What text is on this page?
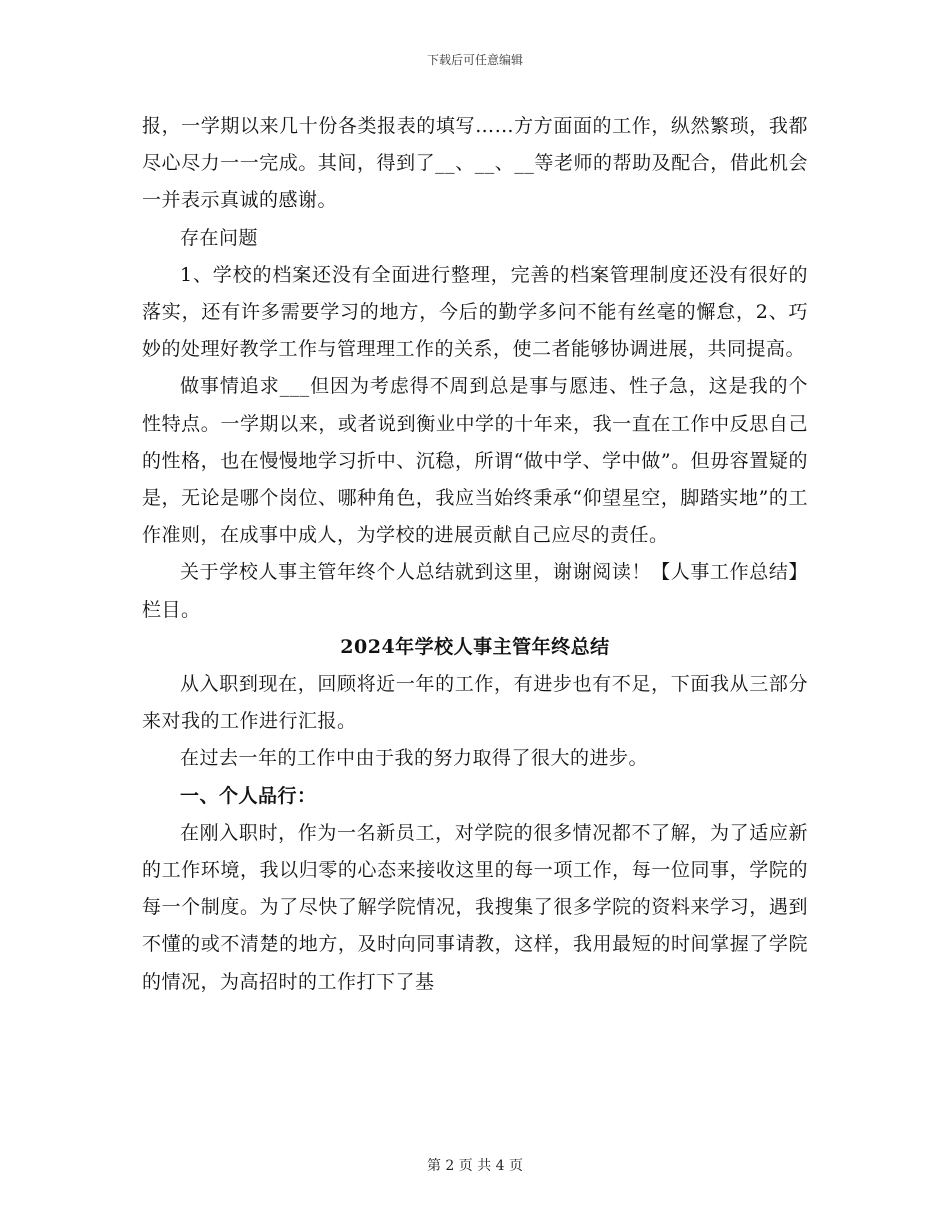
下载后可任意编辑

报，一学期以来几十份各类报表的填写……方方面面的工作，纵然繁琐，我都尽心尽力一一完成。其间，得到了__、__、__等老师的帮助及配合，借此机会一并表示真诚的感谢。

存在问题

1、学校的档案还没有全面进行整理，完善的档案管理制度还没有很好的落实，还有许多需要学习的地方，今后的勤学多问不能有丝毫的懈怠，2、巧妙的处理好教学工作与管理理工作的关系，使二者能够协调进展，共同提高。

做事情追求___但因为考虑得不周到总是事与愿违、性子急，这是我的个性特点。一学期以来，或者说到衡业中学的十年来，我一直在工作中反思自己的性格，也在慢慢地学习折中、沉稳，所谓“做中学、学中做”。但毋容置疑的是，无论是哪个岗位、哪种角色，我应当始终秉承“仰望星空，脚踏实地”的工作准则，在成事中成人，为学校的进展贡献自己应尽的责任。

关于学校人事主管年终个人总结就到这里，谢谢阅读！【人事工作总结】栏目。

2024年学校人事主管年终总结

从入职到现在，回顾将近一年的工作，有进步也有不足，下面我从三部分来对我的工作进行汇报。

在过去一年的工作中由于我的努力取得了很大的进步。

一、个人品行：

在刚入职时，作为一名新员工，对学院的很多情况都不了解，为了适应新的工作环境，我以归零的心态来接收这里的每一项工作，每一位同事，学院的每一个制度。为了尽快了解学院情况，我搜集了很多学院的资料来学习，遇到不懂的或不清楚的地方，及时向同事请教，这样，我用最短的时间掌握了学院的情况，为高招时的工作打下了基

第 2 页 共 4 页
